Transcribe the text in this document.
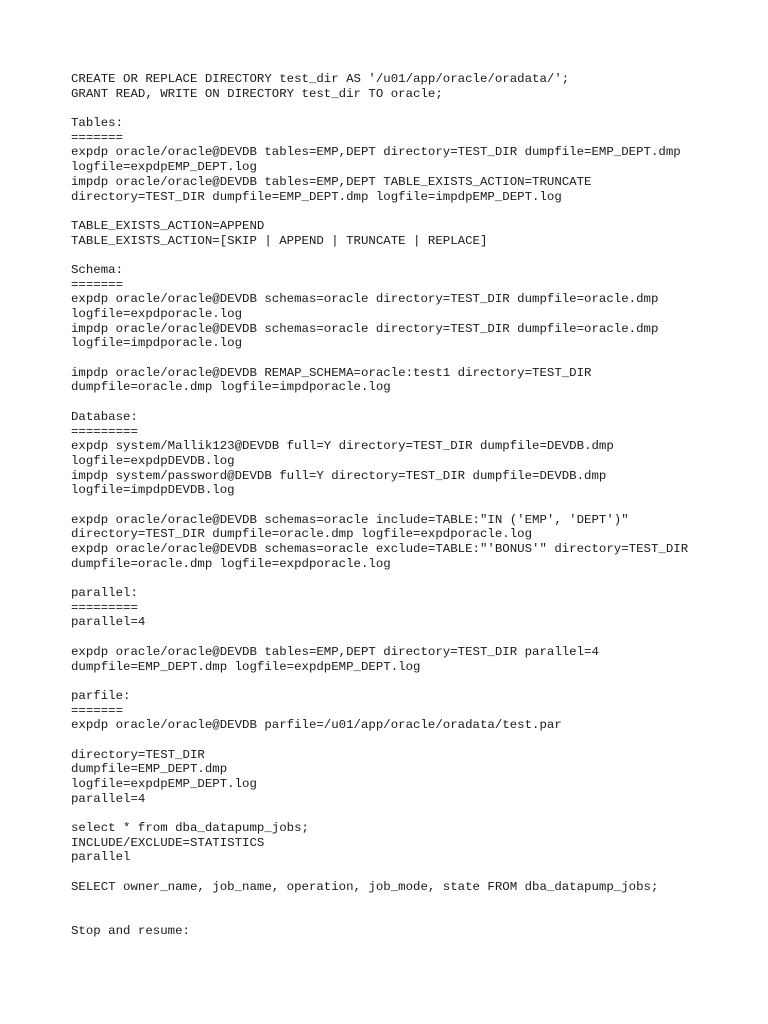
CREATE OR REPLACE DIRECTORY test_dir AS '/u01/app/oracle/oradata/';
GRANT READ, WRITE ON DIRECTORY test_dir TO oracle;
Tables:
=======
expdp oracle/oracle@DEVDB tables=EMP,DEPT directory=TEST_DIR dumpfile=EMP_DEPT.dmp
logfile=expdpEMP_DEPT.log
impdp oracle/oracle@DEVDB tables=EMP,DEPT TABLE_EXISTS_ACTION=TRUNCATE
directory=TEST_DIR dumpfile=EMP_DEPT.dmp logfile=impdpEMP_DEPT.log
TABLE_EXISTS_ACTION=APPEND
TABLE_EXISTS_ACTION=[SKIP | APPEND | TRUNCATE | REPLACE]
Schema:
=======
expdp oracle/oracle@DEVDB schemas=oracle directory=TEST_DIR dumpfile=oracle.dmp
logfile=expdporacle.log
impdp oracle/oracle@DEVDB schemas=oracle directory=TEST_DIR dumpfile=oracle.dmp
logfile=impdporacle.log
impdp oracle/oracle@DEVDB REMAP_SCHEMA=oracle:test1 directory=TEST_DIR
dumpfile=oracle.dmp logfile=impdporacle.log
Database:
=========
expdp system/Mallik123@DEVDB full=Y directory=TEST_DIR dumpfile=DEVDB.dmp
logfile=expdpDEVDB.log
impdp system/password@DEVDB full=Y directory=TEST_DIR dumpfile=DEVDB.dmp
logfile=impdpDEVDB.log
expdp oracle/oracle@DEVDB schemas=oracle include=TABLE:"IN ('EMP', 'DEPT')"
directory=TEST_DIR dumpfile=oracle.dmp logfile=expdporacle.log
expdp oracle/oracle@DEVDB schemas=oracle exclude=TABLE:"'BONUS'" directory=TEST_DIR
dumpfile=oracle.dmp logfile=expdporacle.log
parallel:
=========
parallel=4
expdp oracle/oracle@DEVDB tables=EMP,DEPT directory=TEST_DIR parallel=4
dumpfile=EMP_DEPT.dmp logfile=expdpEMP_DEPT.log
parfile:
=======
expdp oracle/oracle@DEVDB parfile=/u01/app/oracle/oradata/test.par
directory=TEST_DIR
dumpfile=EMP_DEPT.dmp
logfile=expdpEMP_DEPT.log
parallel=4
select * from dba_datapump_jobs;
INCLUDE/EXCLUDE=STATISTICS
parallel
SELECT owner_name, job_name, operation, job_mode, state FROM dba_datapump_jobs;
Stop and resume:
